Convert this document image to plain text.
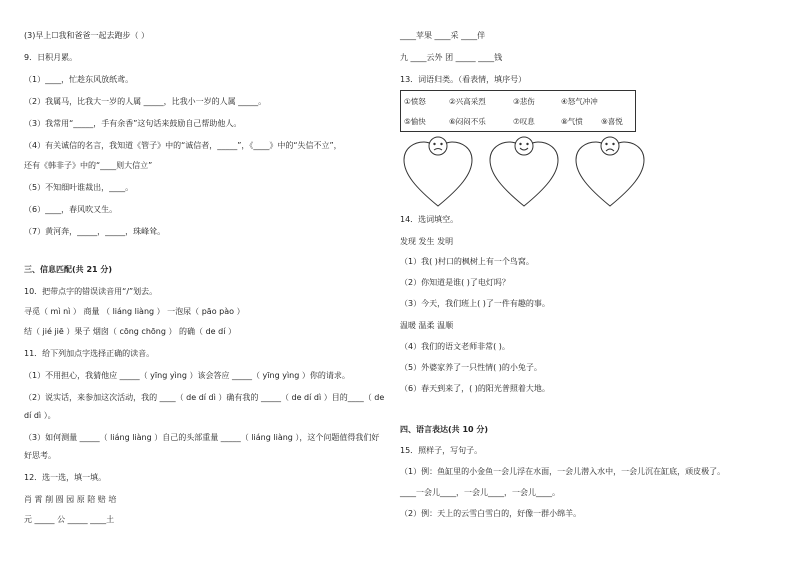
(3)早上☐我和爸爸一起去跑步（ ）
9．日积月累。
（1）____，忙趁东风放纸鸢。
（2）我属马，比我大一岁的人属 _____，比我小一岁的人属 _____。
（3）我常用“_____，手有余香”这句话来鼓励自己帮助他人。
（4）有关诚信的名言，我知道《管子》中的“诚信者，_____”，《____》中的“失信不立”，
还有《韩非子》中的“____则大信立”
（5）不知细叶谁裁出，____。
（6）____，春风吹又生。
（7）黄河奔，_____，_____，珠峰耸。
三、信息匹配(共 21 分)
10．把带点字的错误读音用“/”划去。
寻觅（ mì nì ） 商量 （ liáng liàng ） 一泡尿（ pāo pào ）
结（ jié jiē ）果子 烟囱（ cōng chōng ） 的确（ de dí ）
11．给下列加点字选择正确的读音。
（1）不用担心，我猜他应 _____（ yīng yìng ）该会答应 _____（ yīng yìng ）你的请求。
（2）说实话，来参加这次活动，我的 ____（ de dí dì ）确有我的 _____（ de dí dì ）目的____（ de
dí dì ）。
（3）如何测量 _____（ liáng liàng ）自己的头部重量 _____（ liáng liàng ），这个问题值得我们好
好思考。
12．选一选，填一填。
肖 霄 削 圆 园 原 陪 赔 培
元 _____ 公 _____ ____土
____苹果 ____采 ____伴
九 ____云外 团 _____ ____钱
13．词语归类。（看表情，填序号）
①愤怒	②兴高采烈	③悲伤	④怒气冲冲
⑤愉快	⑥闷闷不乐	⑦叹息	⑧气愤 ⑨喜悦
14．选词填空。
发现 发生 发明
（1）我( )村口的枫树上有一个鸟窝。
（2）你知道是谁( )了电灯吗？
（3）今天，我们班上( )了一件有趣的事。
温暖 温柔 温顺
（4）我们的语文老师非常( )。
（5）外婆家养了一只性情( )的小兔子。
（6）春天到来了，( )的阳光普照着大地。
四、语言表达(共 10 分)
15．照样子，写句子。
（1）例：鱼缸里的小金鱼一会儿浮在水面，一会儿潜入水中，一会儿沉在缸底，顽皮极了。
____一会儿____，一会儿____，一会儿____。
（2）例：天上的云雪白雪白的，好像一群小绵羊。
